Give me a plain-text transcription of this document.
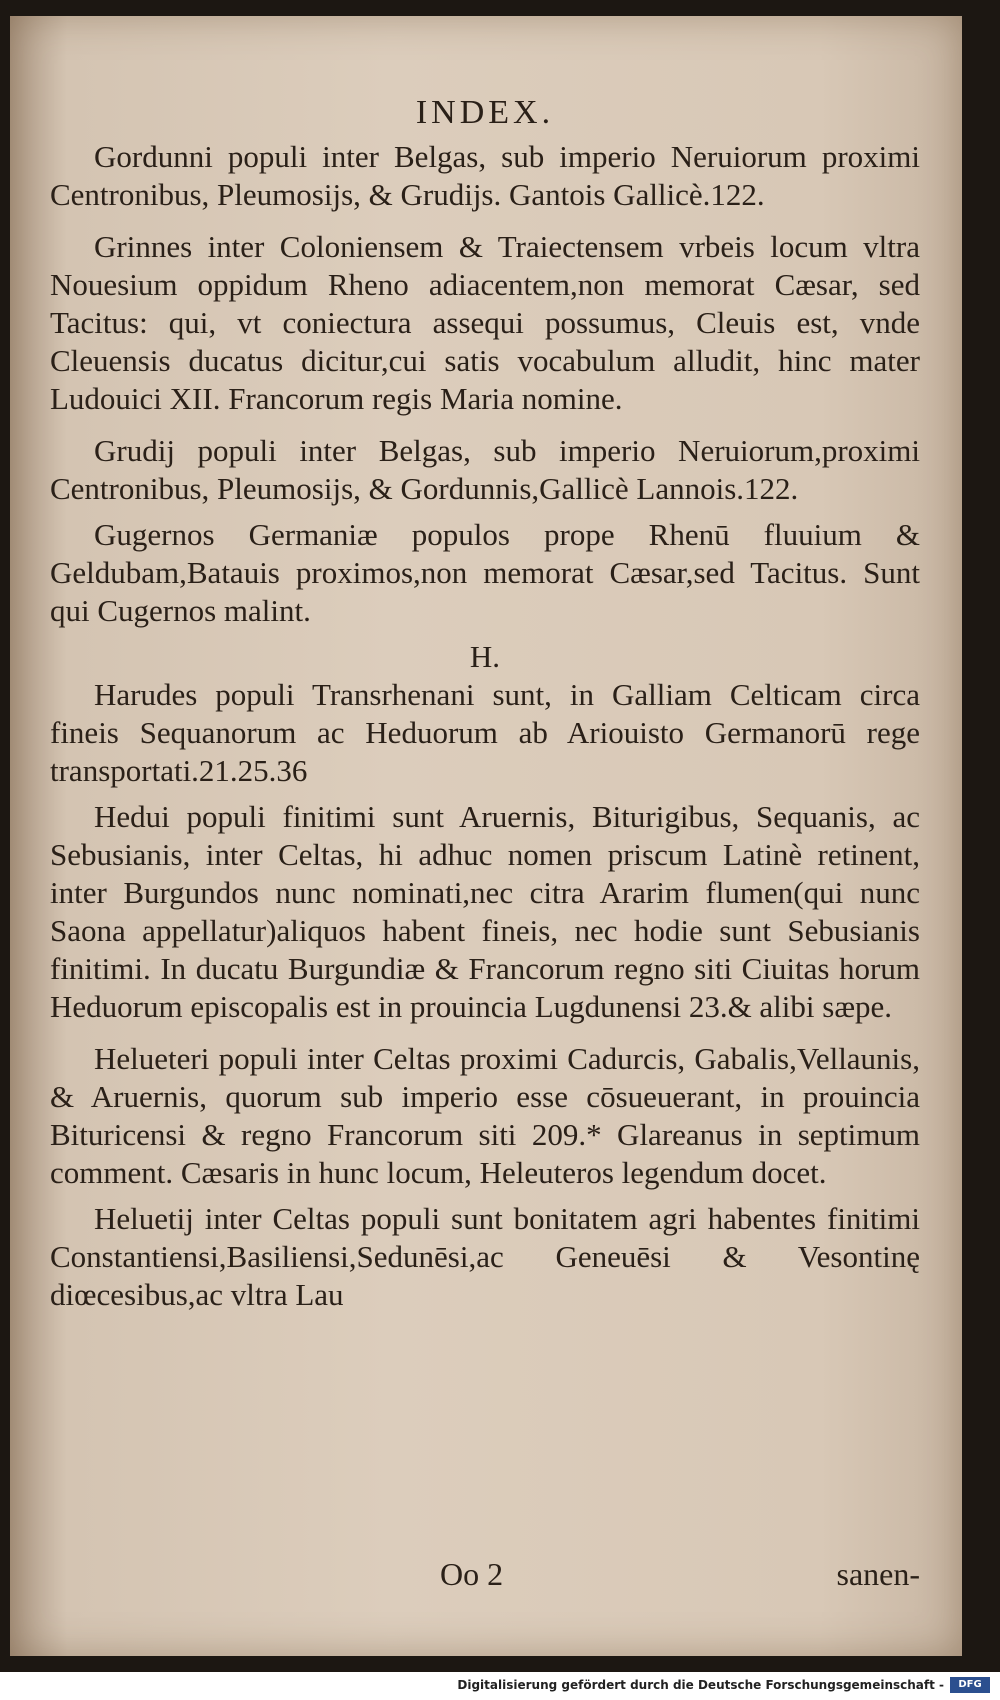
INDEX.

Gordunni populi inter Belgas, sub imperio Neruiorum proximi Centronibus, Pleumosijs, & Grudijs. Gantois Gallicè.122.

Grinnes inter Coloniensem & Traiectensem vrbeis locum vltra Nouesium oppidum Rheno adiacentem,non memorat Cæsar, sed Tacitus: qui, vt coniectura assequi possumus, Cleuis est, vnde Cleuensis ducatus dicitur,cui satis vocabulum alludit, hinc mater Ludouici XII. Francorum regis Maria nomine.

Grudij populi inter Belgas, sub imperio Neruiorum,proximi Centronibus, Pleumosijs, & Gordunnis,Gallicè Lannois.122.

Gugernos Germaniæ populos prope Rhenū fluuium & Geldubam,Batauis proximos,non memorat Cæsar,sed Tacitus. Sunt qui Cugernos malint.

H.

Harudes populi Transrhenani sunt, in Galliam Celticam circa fineis Sequanorum ac Heduorum ab Ariouisto Germanorū rege transportati.21.25.36

Hedui populi finitimi sunt Aruernis, Biturigibus, Sequanis, ac Sebusianis, inter Celtas, hi adhuc nomen priscum Latinè retinent, inter Burgundos nunc nominati,nec citra Ararim flumen(qui nunc Saona appellatur)aliquos habent fineis, nec hodie sunt Sebusianis finitimi. In ducatu Burgundiæ & Francorum regno siti Ciuitas horum Heduorum episcopalis est in prouincia Lugdunensi 23.& alibi sæpe.

Helueteri populi inter Celtas proximi Cadurcis, Gabalis,Vellaunis, & Aruernis, quorum sub imperio esse cōsueuerant, in prouincia Bituricensi & regno Francorum siti 209.* Glareanus in septimum comment. Cæsaris in hunc locum, Heleuteros legendum docet.

Heluetij inter Celtas populi sunt bonitatem agri habentes finitimi Constantiensi,Basiliensi,Sedunēsi,ac Geneuēsi & Vesontinę diœcesibus,ac vltra Lau

Oo 2	sanen-
Digitalisierung gefördert durch die Deutsche Forschungsgemeinschaft -	DFG
